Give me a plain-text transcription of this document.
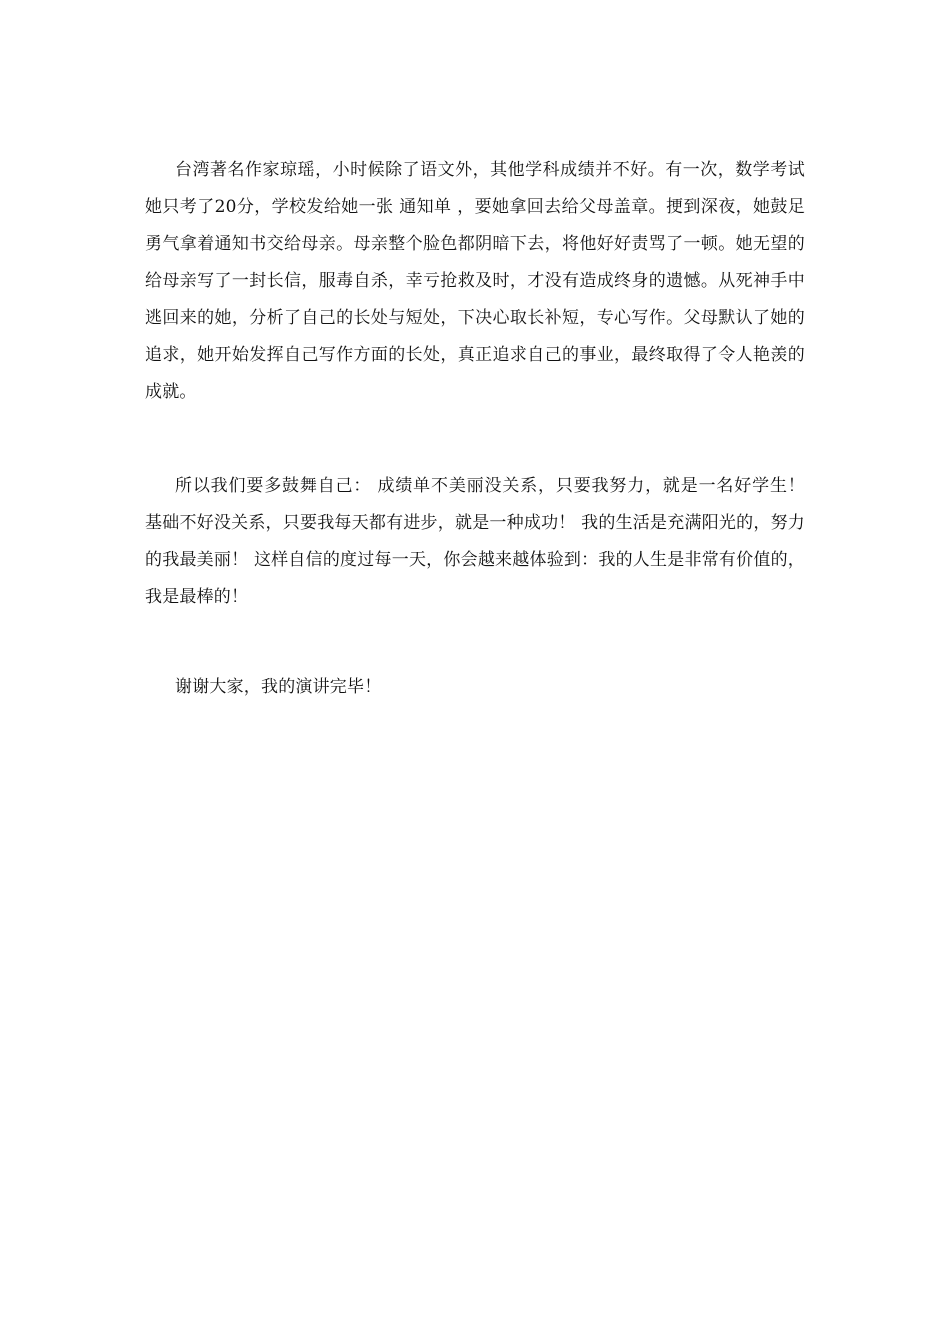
台湾著名作家琼瑶，小时候除了语文外，其他学科成绩并不好。有一次，数学考试她只考了20分，学校发给她一张 通知单 ，要她拿回去给父母盖章。挭到深夜，她鼓足勇气拿着通知书交给母亲。母亲整个脸色都阴暗下去，将他好好责骂了一顿。她无望的给母亲写了一封长信，服毒自杀，幸亏抢救及时，才没有造成终身的遗憾。从死神手中逃回来的她，分析了自己的长处与短处，下决心取长补短，专心写作。父母默认了她的追求，她开始发挥自己写作方面的长处，真正追求自己的事业，最终取得了令人艳羡的成就。

所以我们要多鼓舞自己： 成绩单不美丽没关系，只要我努力，就是一名好学生！ 基础不好没关系，只要我每天都有进步，就是一种成功！ 我的生活是充满阳光的，努力的我最美丽！ 这样自信的度过每一天，你会越来越体验到：我的人生是非常有价值的，我是最棒的！

谢谢大家，我的演讲完毕！
